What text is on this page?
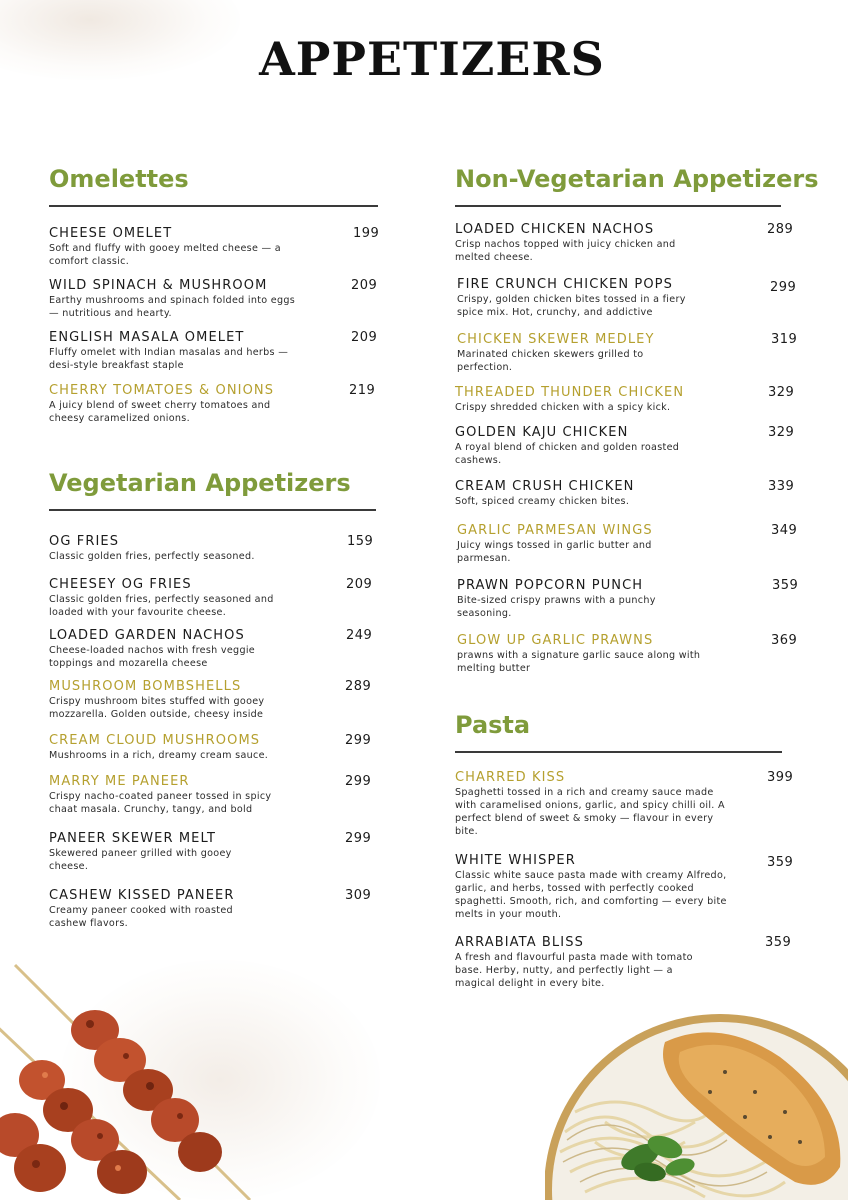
APPETIZERS
Omelettes
CHEESE OMELET
Soft and fluffy with gooey melted cheese — a comfort classic.
199
WILD SPINACH & MUSHROOM
Earthy mushrooms and spinach folded into eggs — nutritious and hearty.
209
ENGLISH MASALA OMELET
Fluffy omelet with Indian masalas and herbs — desi-style breakfast staple
209
CHERRY TOMATOES & ONIONS
A juicy blend of sweet cherry tomatoes and cheesy caramelized onions.
219
Vegetarian Appetizers
OG FRIES
Classic golden fries, perfectly seasoned.
159
CHEESEY OG FRIES
Classic golden fries, perfectly seasoned and loaded with your favourite cheese.
209
LOADED GARDEN NACHOS
Cheese-loaded nachos with fresh veggie toppings and mozarella cheese
249
MUSHROOM BOMBSHELLS
Crispy mushroom bites stuffed with gooey mozzarella. Golden outside, cheesy inside
289
CREAM CLOUD MUSHROOMS
Mushrooms in a rich, dreamy cream sauce.
299
MARRY ME PANEER
Crispy nacho-coated paneer tossed in spicy chaat masala. Crunchy, tangy, and bold
299
PANEER SKEWER MELT
Skewered paneer grilled with gooey cheese.
299
CASHEW KISSED PANEER
Creamy paneer cooked with roasted cashew flavors.
309
Non-Vegetarian Appetizers
LOADED CHICKEN NACHOS
Crisp nachos topped with juicy chicken and melted cheese.
289
FIRE CRUNCH CHICKEN POPS
Crispy, golden chicken bites tossed in a fiery spice mix. Hot, crunchy, and addictive
299
CHICKEN SKEWER MEDLEY
Marinated chicken skewers grilled to perfection.
319
THREADED THUNDER CHICKEN
Crispy shredded chicken with a spicy kick.
329
GOLDEN KAJU CHICKEN
A royal blend of chicken and golden roasted cashews.
329
CREAM CRUSH CHICKEN
Soft, spiced creamy chicken bites.
339
GARLIC PARMESAN WINGS
Juicy wings tossed in garlic butter and parmesan.
349
PRAWN POPCORN PUNCH
Bite-sized crispy prawns with a punchy seasoning.
359
GLOW UP GARLIC PRAWNS
prawns with a signature garlic sauce along with melting butter
369
Pasta
CHARRED KISS
Spaghetti tossed in a rich and creamy sauce made with caramelised onions, garlic, and spicy chilli oil. A perfect blend of sweet & smoky — flavour in every bite.
399
WHITE WHISPER
Classic white sauce pasta made with creamy Alfredo, garlic, and herbs, tossed with perfectly cooked spaghetti. Smooth, rich, and comforting — every bite melts in your mouth.
359
ARRABIATA BLISS
A fresh and flavourful pasta made with tomato base. Herby, nutty, and perfectly light — a magical delight in every bite.
359
